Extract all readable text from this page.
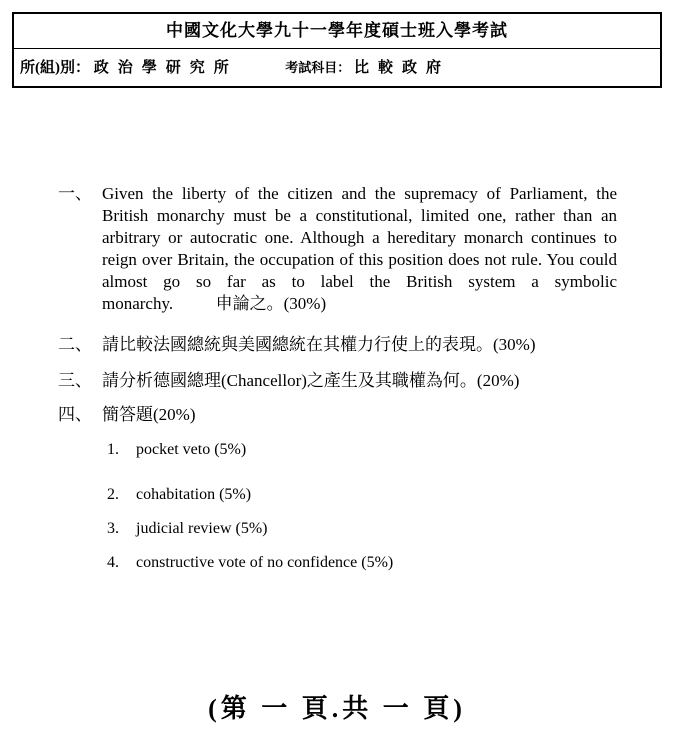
中國文化大學九十一學年度碩士班入學考試
所(組)別： 政治學研究所	考試科目： 比較政府
一、 Given the liberty of the citizen and the supremacy of Parliament, the British monarchy must be a constitutional, limited one, rather than an arbitrary or autocratic one. Although a hereditary monarch continues to reign over Britain, the occupation of this position does not rule. You could almost go so far as to label the British system a symbolic monarchy.	申論之。(30%)
二、 請比較法國總統與美國總統在其權力行使上的表現。(30%)
三、 請分析德國總理(Chancellor)之產生及其職權為何。(20%)
四、 簡答題(20%)
1. pocket veto (5%)
2. cohabitation (5%)
3. judicial review (5%)
4. constructive vote of no confidence (5%)
(第 一 頁.共 一 頁)
